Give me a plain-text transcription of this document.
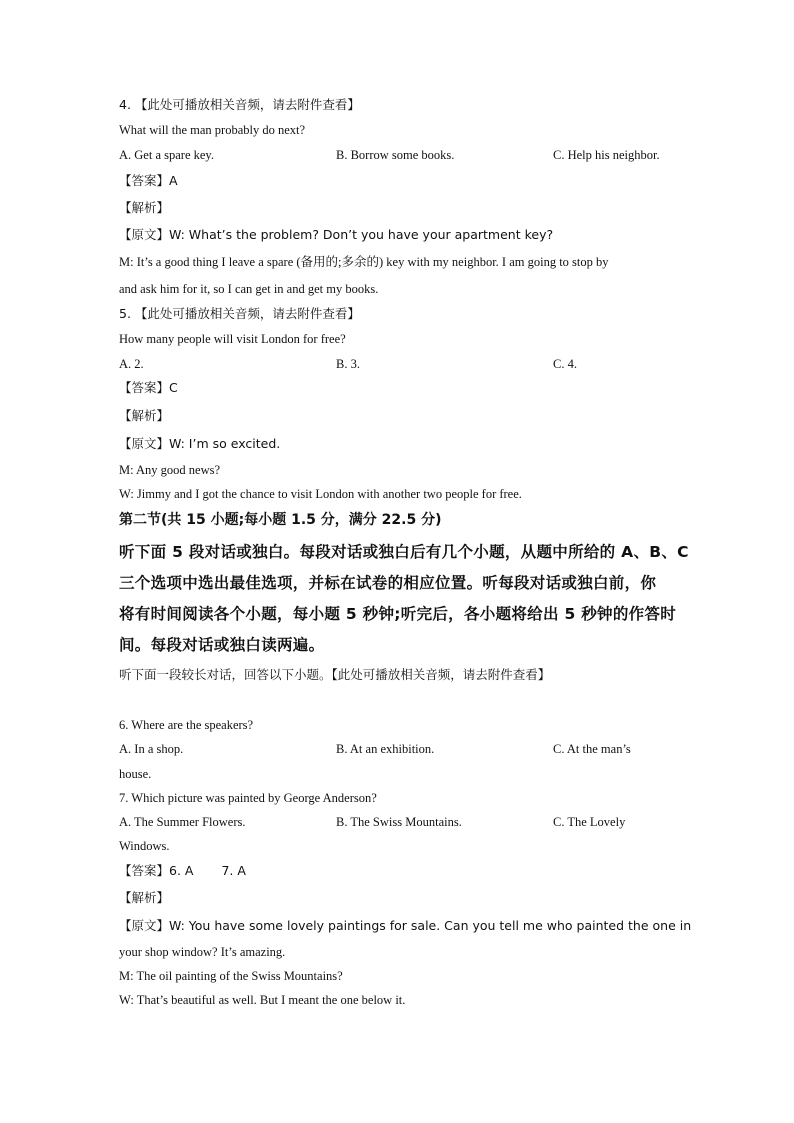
4. 【此处可播放相关音频，请去附件查看】
What will the man probably do next?
A. Get a spare key.	B. Borrow some books.	C. Help his neighbor.
【答案】A
【解析】
【原文】W: What’s the problem? Don’t you have your apartment key?
M: It’s a good thing I leave a spare (备用的;多余的) key with my neighbor. I am going to stop by
and ask him for it, so I can get in and get my books.
5. 【此处可播放相关音频，请去附件查看】
How many people will visit London for free?
A. 2.	B. 3.	C. 4.
【答案】C
【解析】
【原文】W: I’m so excited.
M: Any good news?
W: Jimmy and I got the chance to visit London with another two people for free.
第二节(共 15 小题;每小题 1.5 分，满分 22.5 分)
听下面 5 段对话或独白。每段对话或独白后有几个小题，从题中所给的 A、B、C
三个选项中选出最佳选项，并标在试卷的相应位置。听每段对话或独白前，你
将有时间阅读各个小题，每小题 5 秒钟;听完后，各小题将给出 5 秒钟的作答时
间。每段对话或独白读两遍。
听下面一段较长对话，回答以下小题。【此处可播放相关音频，请去附件查看】
6. Where are the speakers?
A. In a shop.	B. At an exhibition.	C. At the man’s
house.
7. Which picture was painted by George Anderson?
A. The Summer Flowers.	B. The Swiss Mountains.	C. The Lovely
Windows.
【答案】6. A 7. A
【解析】
【原文】W: You have some lovely paintings for sale. Can you tell me who painted the one in
your shop window? It’s amazing.
M: The oil painting of the Swiss Mountains?
W: That’s beautiful as well. But I meant the one below it.
